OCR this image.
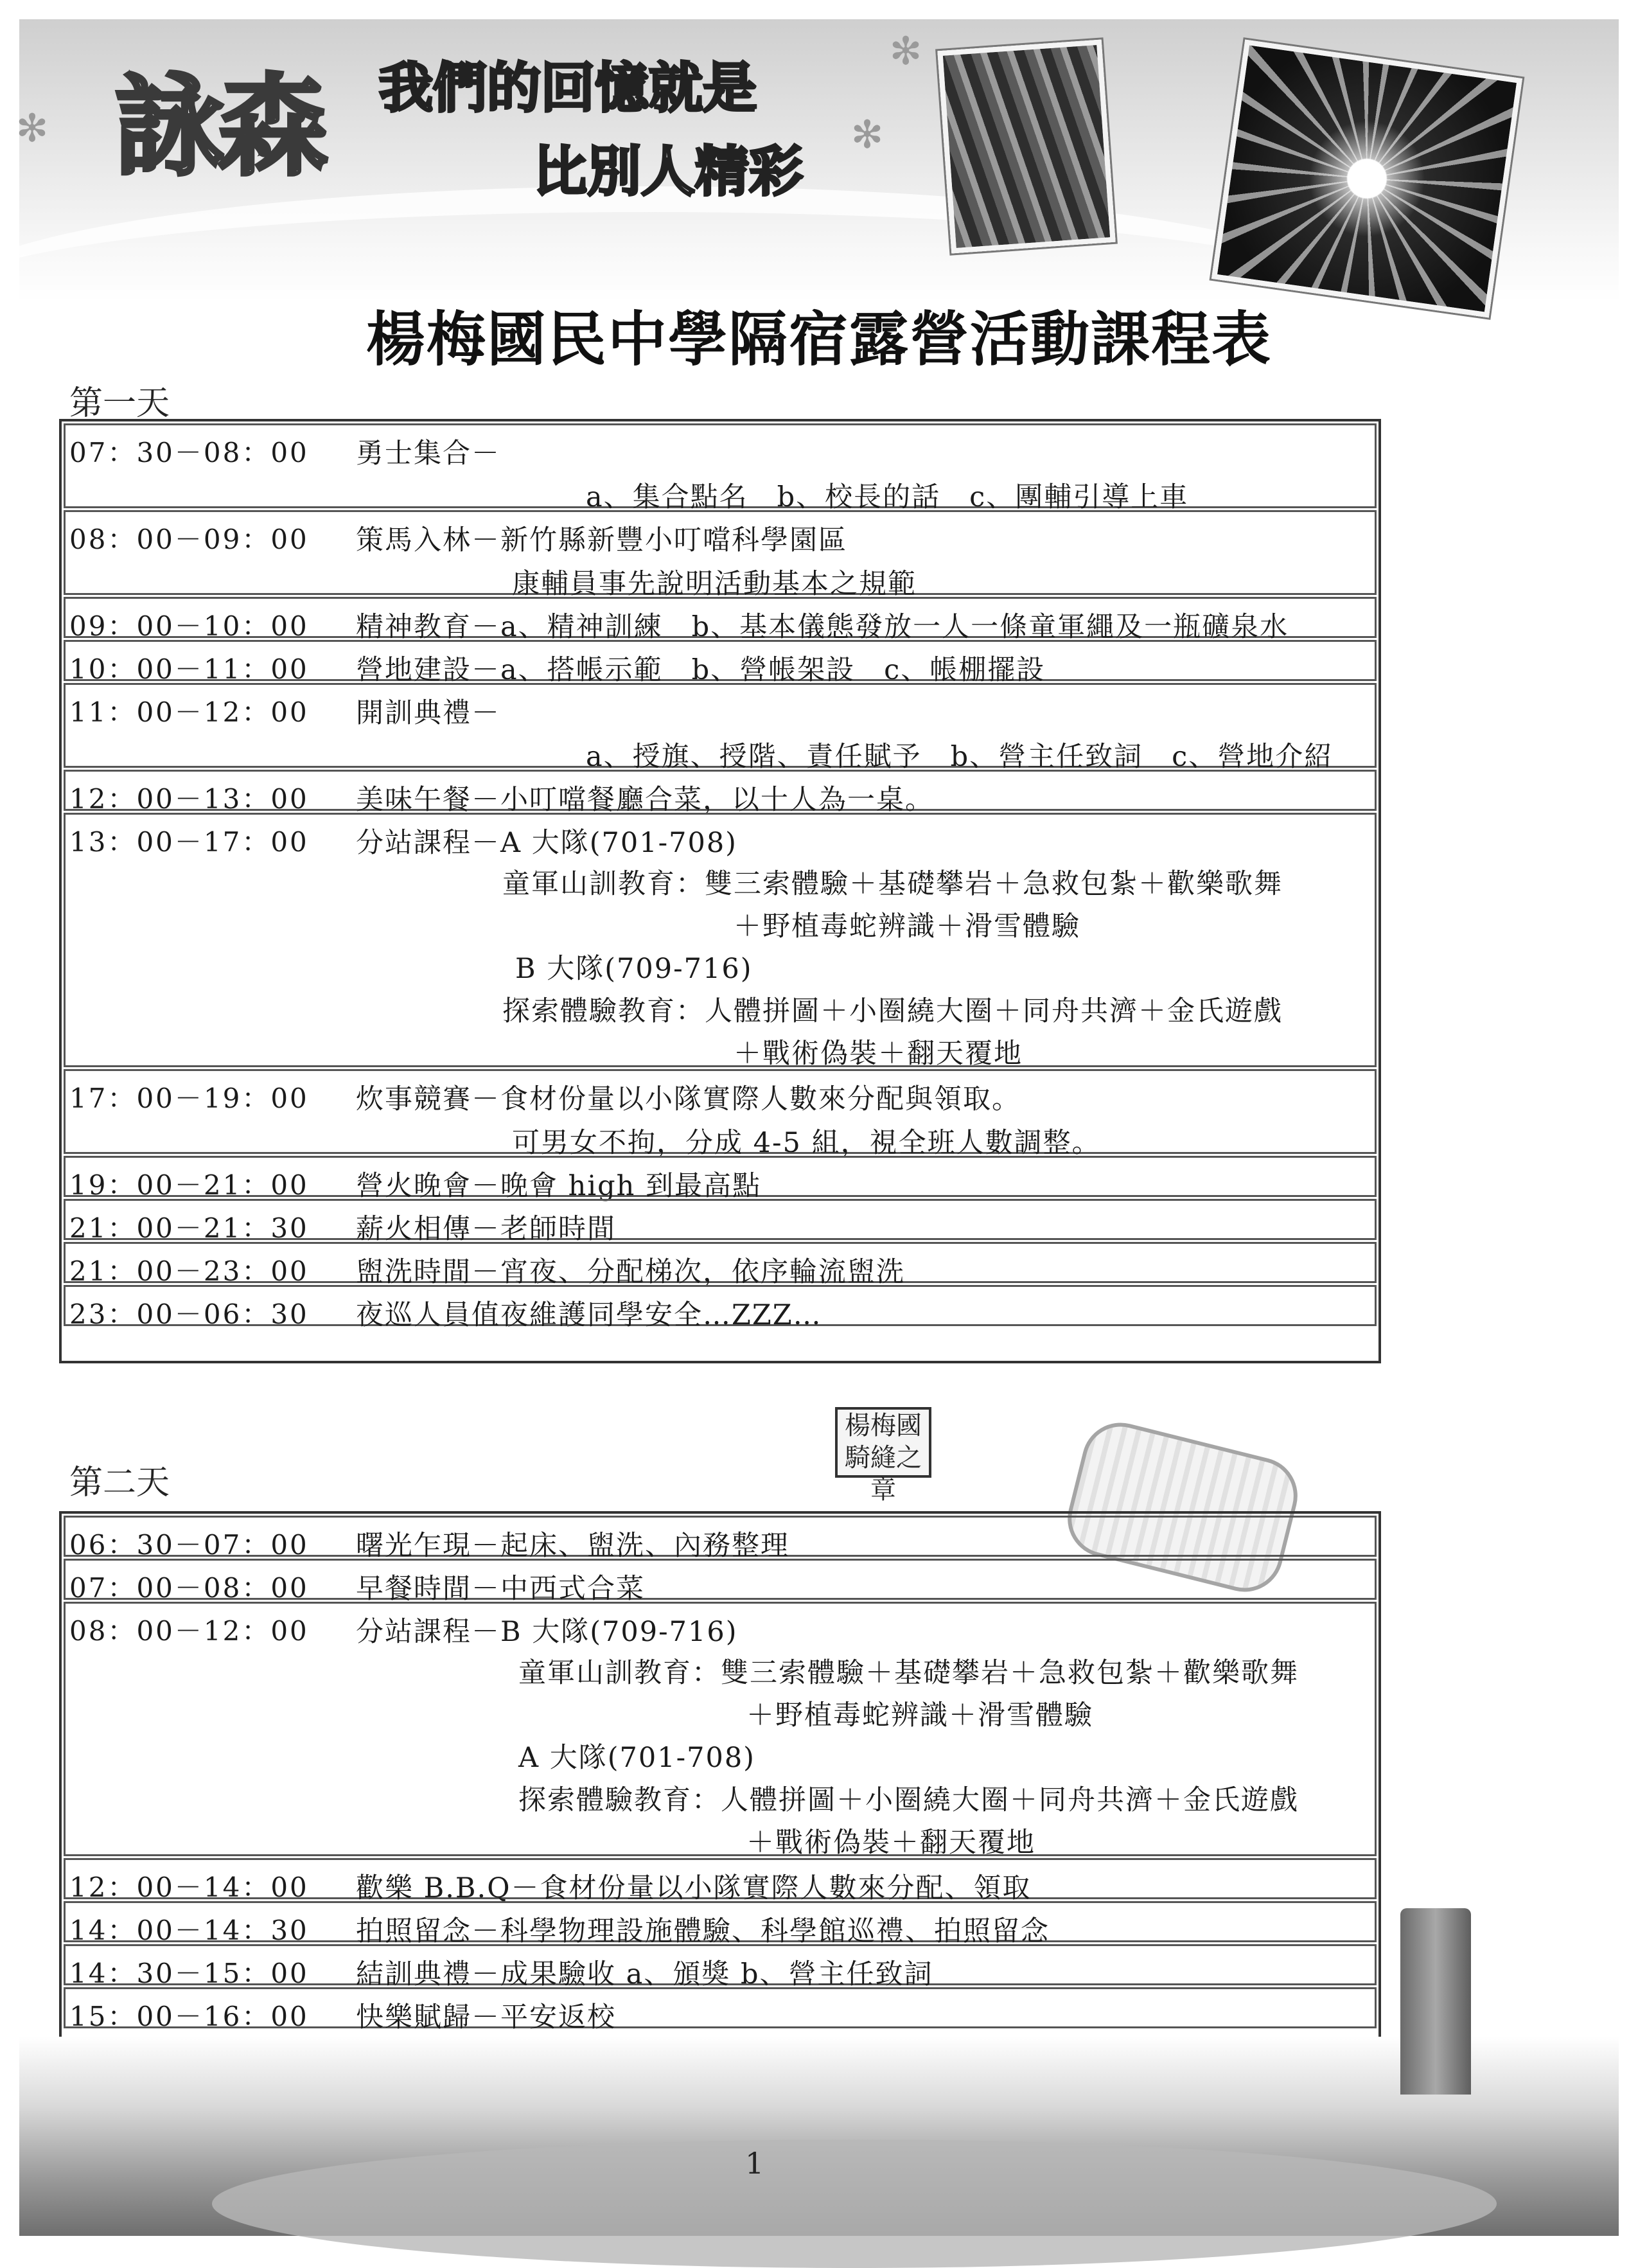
詠森 我們的回憶就是
比別人精彩
✻	✻
✻
楊梅國民中學隔宿露營活動課程表
第一天
07：30－08：00 勇士集合－
a、集合點名　b、校長的話　c、團輔引導上車
08：00－09：00 策馬入林－新竹縣新豐小叮噹科學園區
康輔員事先說明活動基本之規範
09：00－10：00 精神教育－a、精神訓練　b、基本儀態發放一人一條童軍繩及一瓶礦泉水
10：00－11：00 營地建設－a、搭帳示範　b、營帳架設　c、帳棚擺設
11：00－12：00 開訓典禮－
a、授旗、授階、責任賦予　b、營主任致詞　c、營地介紹
12：00－13：00 美味午餐－小叮噹餐廳合菜，以十人為一桌。
13：00－17：00 分站課程－A 大隊(701-708)
童軍山訓教育：雙三索體驗＋基礎攀岩＋急救包紮＋歡樂歌舞
＋野植毒蛇辨識＋滑雪體驗
B 大隊(709-716)
探索體驗教育：人體拼圖＋小圈繞大圈＋同舟共濟＋金氏遊戲
＋戰術偽裝＋翻天覆地
17：00－19：00 炊事競賽－食材份量以小隊實際人數來分配與領取。
可男女不拘，分成 4-5 組，視全班人數調整。
19：00－21：00 營火晚會－晚會 high 到最高點
21：00－21：30 薪火相傳－老師時間
21：00－23：00 盥洗時間－宵夜、分配梯次，依序輪流盥洗
23：00－06：30 夜巡人員值夜維護同學安全…ZZZ…
楊梅國
騎縫之章
第二天
06：30－07：00 曙光乍現－起床、盥洗、內務整理
07：00－08：00 早餐時間－中西式合菜
08：00－12：00 分站課程－B 大隊(709-716)
童軍山訓教育：雙三索體驗＋基礎攀岩＋急救包紮＋歡樂歌舞
＋野植毒蛇辨識＋滑雪體驗
A 大隊(701-708)
探索體驗教育：人體拼圖＋小圈繞大圈＋同舟共濟＋金氏遊戲
＋戰術偽裝＋翻天覆地
12：00－14：00 歡樂 B.B.Q－食材份量以小隊實際人數來分配、領取
14：00－14：30 拍照留念－科學物理設施體驗、科學館巡禮、拍照留念
14：30－15：00 結訓典禮－成果驗收 a、頒獎 b、營主任致詞
15：00－16：00 快樂賦歸－平安返校
1
